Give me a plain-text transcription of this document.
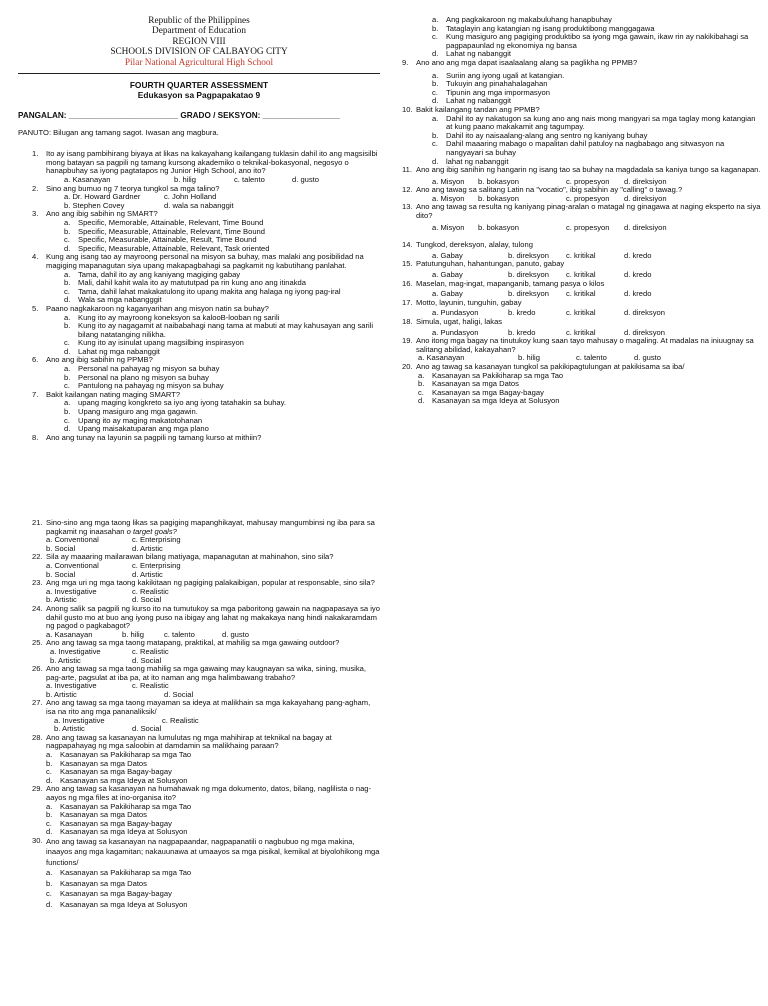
Republic of the Philippines
Department of Education
REGION VIII
SCHOOLS DIVISION OF CALBAYOG CITY
Pilar National Agricultural High School
FOURTH QUARTER ASSESSMENT
Edukasyon sa Pagpapakatao 9
PANGALAN: ________________________ GRADO / SEKSYON: _________________
PANUTO: Bilugan ang tamang sagot. Iwasan ang magbura.
1.	Ito ay isang pambihirang biyaya at likas na kakayahang kailangang tuklasin dahil ito ang magsisilbi mong batayan sa pagpili ng tamang kursong akademiko o teknikal-bokasyonal, negosyo o hanapbuhay sa iyong pagtatapos ng Junior High School, ano ito?
a. Kasanayan	b. hilig	c. talento	d. gusto
2. Sino ang bumuo ng 7 teorya tungkol sa mga talino?
a. Dr. Howard Gardner	c. John Holland
b. Stephen Covey	d. wala sa nabanggit
3. Ano ang ibig sabihin ng SMART?
a. Specific, Memorable, Attainable, Relevant, Time Bound
b. Specific, Measurable, Attainable, Relevant, Time Bound
c. Specific, Measurable, Attainable, Result, Time Bound
d. Specific, Measurable, Attainable, Relevant, Task oriented
4. Kung ang isang tao ay mayroong personal na misyon sa buhay, mas malaki ang posibilidad na magiging mapanagutan siya upang makapagbahagi sa pagkamit ng kabutihang panlahat.
a. Tama, dahil ito ay ang kaniyang magiging gabay
b. Mali, dahil kahit wala ito ay matututpad pa rin kung ano ang itinakda
c. Tama, dahil lahat makakatulong ito upang makita ang halaga ng iyong pag-iral
d. Wala sa mga nabangggit
5. Paano nagkakaroon ng kaganyarihan ang misyon natin sa buhay?
a. Kung ito ay mayroong koneksyon sa kalooB-looban ng sarili
b. Kung ito ay nagagamit at naibabahagi nang tama at mabuti at may kahusayan ang sarili bilang natatanging nilikha.
c. Kung ito ay isinulat upang magsilbing inspirasyon
d. Lahat ng mga nabanggit
6. Ano ang ibig sabihin ng PPMB?
a. Personal na pahayag ng misyon sa buhay
b. Personal na plano ng misyon sa buhay
c. Pantulong na pahayag ng misyon sa buhay
7. Bakit kailangan nating maging SMART?
a. upang maging kongkreto sa iyo ang iyong tatahakin sa buhay.
b. Upang masiguro ang mga gagawin.
c. Upang ito ay maging makatotohanan
d. Upang maisakatuparan ang mga plano
8. Ano ang tunay na layunin sa pagpili ng tamang kurso at mithiin?
a. Ang pagkakaroon ng makabuluhang hanapbuhay
b. Tataglayin ang katangian ng isang produktibong manggagawa
c. Kung masiguro ang pagiging produktibo sa iyong mga gawain, ikaw rin ay nakikibahagi sa pagpapaunlad ng ekonomiya ng bansa
d. Lahat ng nabanggit
9. Ano ano ang mga dapat isaalaalang alang sa paglikha ng PPMB?
a. Suriin ang iyong ugali at katangian.
b. Tukuyin ang pinahahalagahan
c. Tipunin ang mga impormasyon
d. Lahat ng nabanggit
10. Bakit kailangang tandan ang PPMB?
a. Dahil ito ay nakatugon sa kung ano ang nais mong mangyari sa mga taglay mong katangian at kung paano makakamit ang tagumpay.
b. Dahil ito ay naisaalang-alang ang sentro ng kaniyang buhay
c. Dahil maaaring mabago o mapalitan dahil patuloy na nagbabago ang sitwasyon na nangyayari sa buhay
d. lahat ng nabanggit
11. Ano ang ibig sanihin ng hangarin ng isang tao sa buhay na magdadala sa kaniya tungo sa kaganapan.
a. Misyon b. bokasyon	c. propesyon d. direksiyon
12. Ano ang tawag sa salitang Latin na "vocatio", ibig sabihin ay "calling" o tawag.?
a. Misyon b. bokasyon	c. propesyon d. direksiyon
13. Ano ang tawag sa resulta ng kaniyang pinag-aralan o matagal ng ginagawa at naging eksperto na siya dito?
a. Misyon b. bokasyon	c. propesyon d. direksiyon
14. Tungkod, dereksyon, alalay, tulong
a. Gabay	b. direksyon c. kritikal	d. kredo
15. Patutunguhan, hahantungan, panuto, gabay
a. Gabay	b. direksyon c. kritikal	d. kredo
16. Maselan, mag-ingat, mapanganib, tamang pasya o kilos
a. Gabay	b. direksyon c. kritikal	d. kredo
17. Motto, layunin, tunguhin, gabay
a. Pundasyon	b. kredo	c. kritikal	d. direksyon
18. Simula, ugat, haligi, lakas
a. Pundasyon	b. kredo	c. kritikal	d. direksyon
19. Ano itong mga bagay na tinutukoy kung saan tayo mahusay o magaling. At madalas na iniuugnay sa salitang abilidad, kakayahan?
a. Kasanayan	b. hilig	c. talento	d. gusto
20. Ano ag tawag sa kasanayan tungkol sa pakikipagtulungan at pakikisama sa iba/
a. Kasanayan sa Pakikiharap sa mga Tao
b. Kasanayan sa mga Datos
c. Kasanayan sa mga Bagay-bagay
d. Kasanayan sa mga Ideya at Solusyon
21. Sino-sino ang mga taong likas sa pagiging mapanghikayat, mahusay mangumbinsi ng iba para sa pagkamit ng inaasahan o target goals?
a. Conventional	c. Enterprising
b. Social	d. Artistic
22. Sila ay maaaring mailarawan bilang matiyaga, mapanagutan at mahinahon, sino sila?
a. Conventional	c. Enterprising
b. Social	d. Artistic
23. Ang mga uri ng mga taong kakikitaan ng pagiging palakaibigan, popular at responsable, sino sila?
a. Investigative	c. Realistic
b. Artistic	d. Social
24. Anong salik sa pagpili ng kurso ito na tumutukoy sa mga paboritong gawain na nagpapasaya sa iyo dahil gusto mo at buo ang iyong puso na ibigay ang lahat ng makakaya nang hindi nakakaramdam ng pagod o pagkabagot?
a. Kasanayan	b. hilig	c. talento	d. gusto
25. Ano ang tawag sa mga taong matapang, praktikal, at mahilig sa mga gawaing outdoor?
a. Investigative	c. Realistic
b. Artistic	d. Social
26. Ano ang tawag sa mga taong mahilig sa mga gawaing may kaugnayan sa wika, sining, musika, pag-arte, pagsulat at iba pa, at ito naman ang mga halimbawang trabaho?
a. Investigative	c. Realistic
b. Artistic	d. Social
27. Ano ang tawag sa mga taong mayaman sa ideya at malikhain sa mga kakayahang pang-agham, isa na rito ang mga pananaliksik/
a. Investigative	c. Realistic
b. Artistic	d. Social
28. Ano ang tawag sa kasanayan na lumulutas ng mga mahihirap at teknikal na bagay at nagpapahayag ng mga saloobin at damdamin sa malikhaing paraan?
a. Kasanayan sa Pakikiharap sa mga Tao
b. Kasanayan sa mga Datos
c. Kasanayan sa mga Bagay-bagay
d. Kasanayan sa mga Ideya at Solusyon
29. Ano ang tawag sa kasanayan na humahawak ng mga dokumento, datos, bilang, naglilista o nag-aayos ng mga files at ino-organisa ito?
a. Kasanayan sa Pakikiharap sa mga Tao
b. Kasanayan sa mga Datos
c. Kasanayan sa mga Bagay-bagay
d. Kasanayan sa mga Ideya at Solusyon
30. Ano ang tawag sa kasanayan na nagpapaandar, nagpapanatili o nagbubuo ng mga makina, inaayos ang mga kagamitan; nakauunawa at umaayos sa mga pisikal, kemikal at biyolohikong mga functions/
a. Kasanayan sa Pakikiharap sa mga Tao
b. Kasanayan sa mga Datos
c. Kasanayan sa mga Bagay-bagay
d. Kasanayan sa mga Ideya at Solusyon
